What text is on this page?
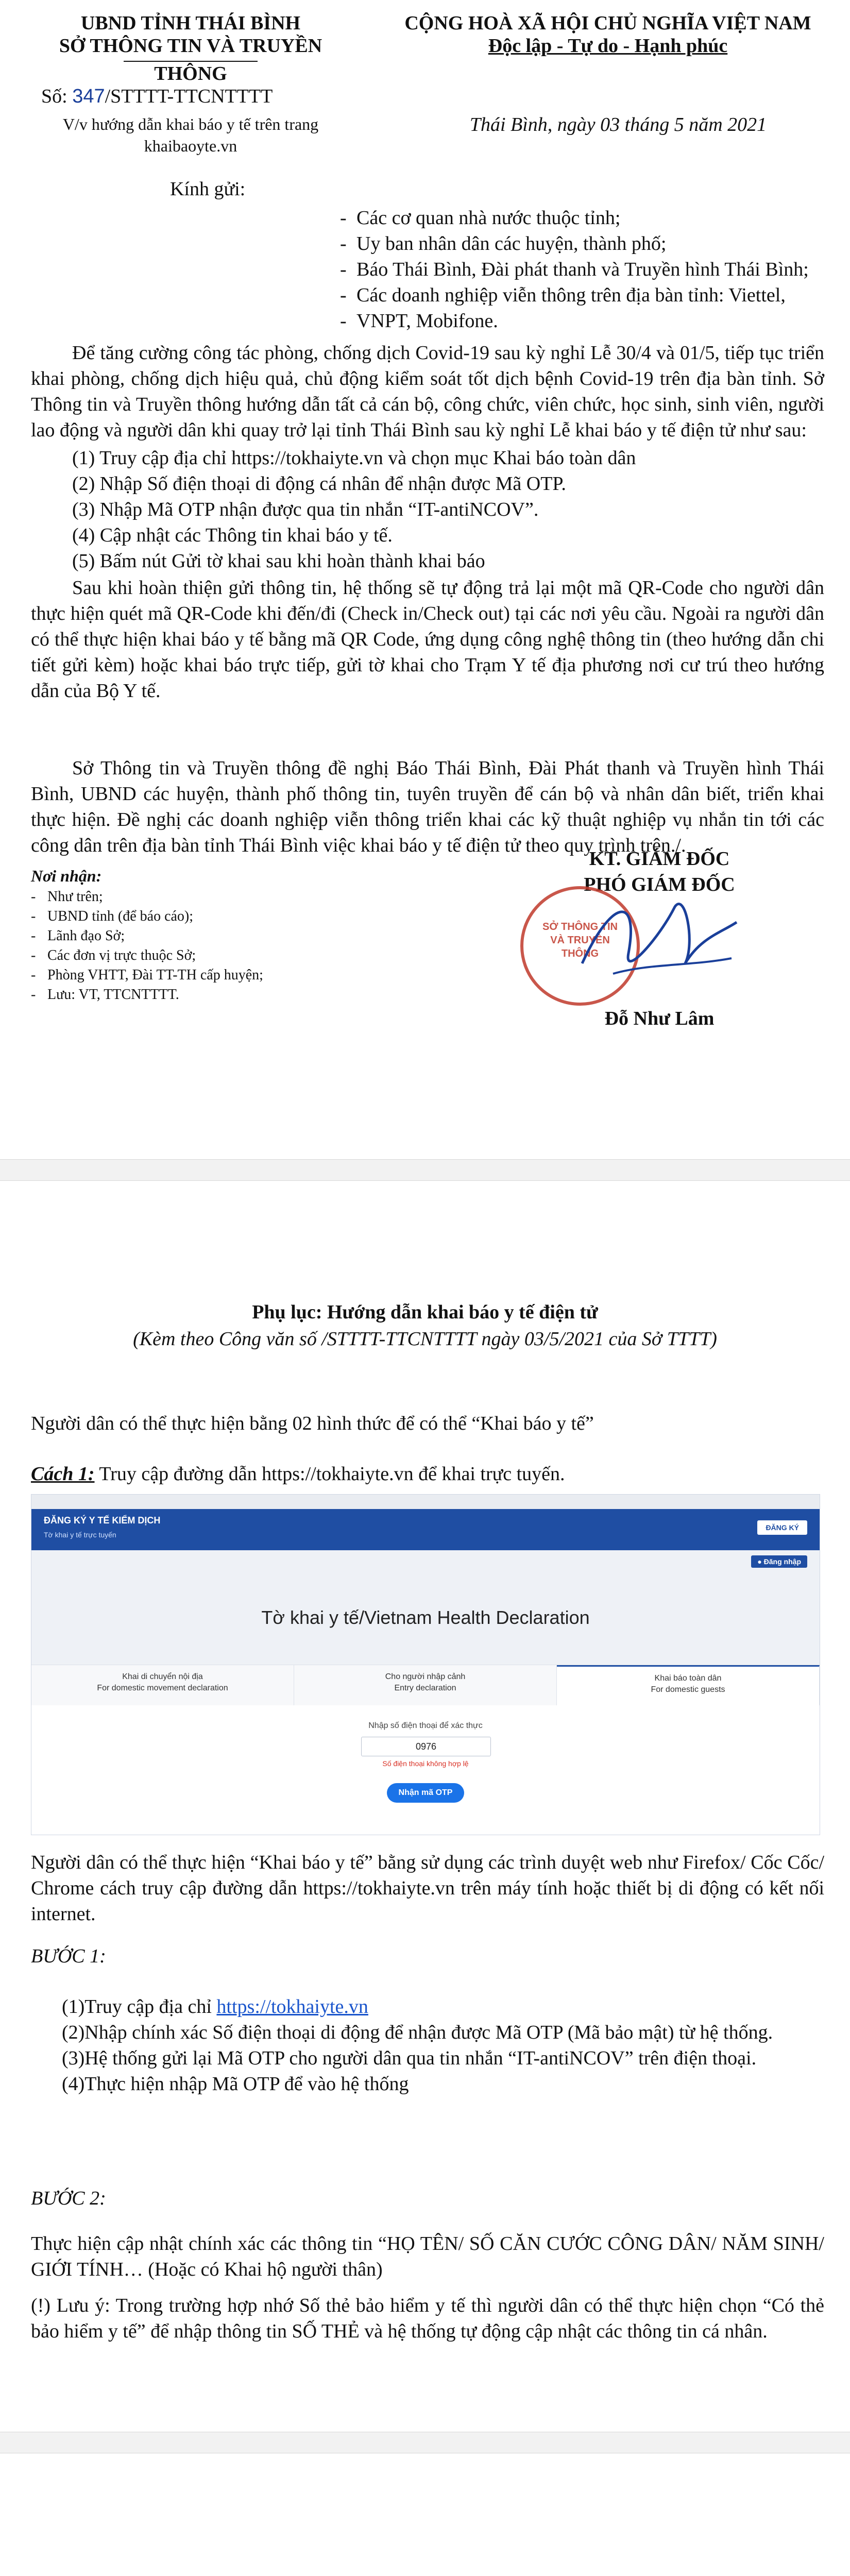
UBND TỈNH THÁI BÌNH
SỞ THÔNG TIN VÀ TRUYỀN THÔNG
CỘNG HOÀ XÃ HỘI CHỦ NGHĨA VIỆT NAM
Độc lập - Tự do - Hạnh phúc
Số: 347/STTTT-TTCNTTTT
V/v hướng dẫn khai báo y tế trên trang
khaibaoyte.vn
Thái Bình, ngày 03 tháng 5 năm 2021
Kính gửi:
- Các cơ quan nhà nước thuộc tỉnh;
- Uy ban nhân dân các huyện, thành phố;
- Báo Thái Bình, Đài phát thanh và Truyền hình Thái Bình;
- Các doanh nghiệp viễn thông trên địa bàn tỉnh: Viettel,
- VNPT, Mobifone.
Để tăng cường công tác phòng, chống dịch Covid-19 sau kỳ nghỉ Lễ 30/4 và 01/5, tiếp tục triển khai phòng, chống dịch hiệu quả, chủ động kiểm soát tốt dịch bệnh Covid-19 trên địa bàn tỉnh. Sở Thông tin và Truyền thông hướng dẫn tất cả cán bộ, công chức, viên chức, học sinh, sinh viên, người lao động và người dân khi quay trở lại tỉnh Thái Bình sau kỳ nghỉ Lễ khai báo y tế điện tử như sau:
(1) Truy cập địa chỉ https://tokhaiyte.vn và chọn mục Khai báo toàn dân
(2) Nhập Số điện thoại di động cá nhân để nhận được Mã OTP.
(3) Nhập Mã OTP nhận được qua tin nhắn “IT-antiNCOV”.
(4) Cập nhật các Thông tin khai báo y tế.
(5) Bấm nút Gửi tờ khai sau khi hoàn thành khai báo
Sau khi hoàn thiện gửi thông tin, hệ thống sẽ tự động trả lại một mã QR-Code cho người dân thực hiện quét mã QR-Code khi đến/đi (Check in/Check out) tại các nơi yêu cầu. Ngoài ra người dân có thể thực hiện khai báo y tế bằng mã QR Code, ứng dụng công nghệ thông tin (theo hướng dẫn chi tiết gửi kèm) hoặc khai báo trực tiếp, gửi tờ khai cho Trạm Y tế địa phương nơi cư trú theo hướng dẫn của Bộ Y tế.
Sở Thông tin và Truyền thông đề nghị Báo Thái Bình, Đài Phát thanh và Truyền hình Thái Bình, UBND các huyện, thành phố thông tin, tuyên truyền để cán bộ và nhân dân biết, triển khai thực hiện. Đề nghị các doanh nghiệp viễn thông triển khai các kỹ thuật nghiệp vụ nhắn tin tới các công dân trên địa bàn tỉnh Thái Bình việc khai báo y tế điện tử theo quy trình trên./.
Nơi nhận:
- Như trên;
- UBND tỉnh (để báo cáo);
- Lãnh đạo Sở;
- Các đơn vị trực thuộc Sở;
- Phòng VHTT, Đài TT-TH cấp huyện;
- Lưu: VT, TTCNTTTT.
KT. GIÁM ĐỐC
PHÓ GIÁM ĐỐC
SỞ THÔNG TIN VÀ TRUYỀN THÔNG
Đỗ Như Lâm
Phụ lục: Hướng dẫn khai báo y tế điện tử
(Kèm theo Công văn số /STTTT-TTCNTTTT ngày 03/5/2021 của Sở TTTT)
Người dân có thể thực hiện bằng 02 hình thức để có thể “Khai báo y tế”
Cách 1: Truy cập đường dẫn https://tokhaiyte.vn để khai trực tuyến.
ĐĂNG KÝ Y TẾ KIỂM DỊCH
Tờ khai y tế trực tuyến
ĐĂNG KÝ
● Đăng nhập
Tờ khai y tế/Vietnam Health Declaration
Khai di chuyển nội địa
For domestic movement declaration
Cho người nhập cảnh
Entry declaration
Khai báo toàn dân
For domestic guests
Nhập số điện thoại để xác thực
0976
Số điện thoại không hợp lệ
Nhận mã OTP
Người dân có thể thực hiện “Khai báo y tế” bằng sử dụng các trình duyệt web như Firefox/ Cốc Cốc/ Chrome cách truy cập đường dẫn https://tokhaiyte.vn trên máy tính hoặc thiết bị di động có kết nối internet.
BƯỚC 1:
(1)Truy cập địa chỉ https://tokhaiyte.vn
(2)Nhập chính xác Số điện thoại di động để nhận được Mã OTP (Mã bảo mật) từ hệ thống.
(3)Hệ thống gửi lại Mã OTP cho người dân qua tin nhắn “IT-antiNCOV” trên điện thoại.
(4)Thực hiện nhập Mã OTP để vào hệ thống
BƯỚC 2:
Thực hiện cập nhật chính xác các thông tin “HỌ TÊN/ SỐ CĂN CƯỚC CÔNG DÂN/ NĂM SINH/ GIỚI TÍNH… (Hoặc có Khai hộ người thân)
(!) Lưu ý: Trong trường hợp nhớ Số thẻ bảo hiểm y tế thì người dân có thể thực hiện chọn “Có thẻ bảo hiểm y tế” để nhập thông tin SỐ THẺ và hệ thống tự động cập nhật các thông tin cá nhân.
